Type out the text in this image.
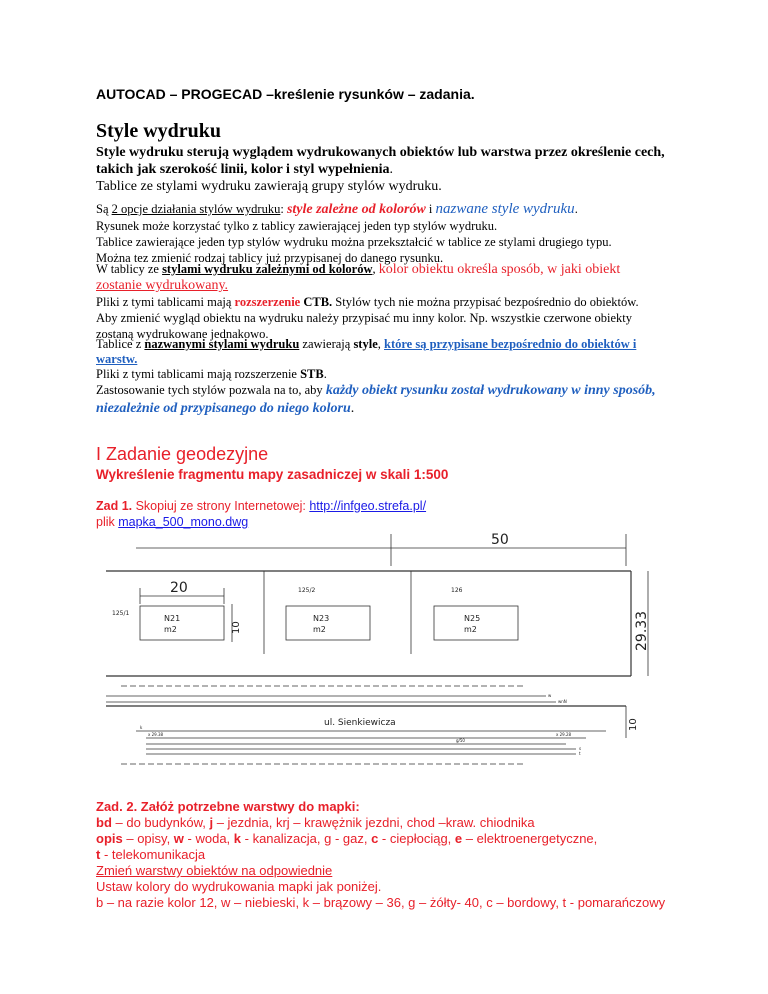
AUTOCAD – PROGECAD –kreślenie rysunków – zadania.
Style wydruku
Style wydruku sterują wyglądem wydrukowanych obiektów lub warstwa przez określenie cech,
takich jak szerokość linii, kolor i styl wypełnienia.
Tablice ze stylami wydruku zawierają grupy stylów wydruku.
Są 2 opcje działania stylów wydruku: style zależne od kolorów i nazwane style wydruku.
Rysunek może korzystać tylko z tablicy zawierającej jeden typ stylów wydruku.
Tablice zawierające jeden typ stylów wydruku można przekształcić w tablice ze stylami drugiego typu.
Można tez zmienić rodzaj tablicy już przypisanej do danego rysunku.
W tablicy ze stylami wydruku zależnymi od kolorów, kolor obiektu określa sposób, w jaki obiekt
zostanie wydrukowany.
Pliki z tymi tablicami mają rozszerzenie CTB. Stylów tych nie można przypisać bezpośrednio do obiektów.
Aby zmienić wygląd obiektu na wydruku należy przypisać mu inny kolor. Np. wszystkie czerwone obiekty
zostaną wydrukowane jednakowo.
Tablice z nazwanymi stylami wydruku zawierają style, które są przypisane bezpośrednio do obiektów i
warstw.
Pliki z tymi tablicami mają rozszerzenie STB.
Zastosowanie tych stylów pozwala na to, aby każdy obiekt rysunku został wydrukowany w inny sposób,
niezależnie od przypisanego do niego koloru.
I Zadanie geodezyjne
Wykreślenie fragmentu mapy zasadniczej w skali 1:500
Zad 1. Skopiuj ze strony Internetowej: http://infgeo.strefa.pl/
plik mapka_500_mono.dwg
50
20
10	29.33
10
125/1
125/2	126
N21
m2
N23
m2
N25
m2
ul. Sienkiewicza
w
wnN
k
x 29.38	x 29.28
g/50
s
t
Zad. 2. Załóż potrzebne warstwy do mapki:
bd – do budynków, j – jezdnia, krj – krawężnik jezdni, chod –kraw. chiodnika
opis – opisy, w - woda, k - kanalizacja, g - gaz, c - ciepłociąg, e – elektroenergetyczne,
t - telekomunikacja
Zmień warstwy obiektów na odpowiednie
Ustaw kolory do wydrukowania mapki jak poniżej.
b – na razie kolor 12, w – niebieski, k – brązowy – 36, g – żółty- 40, c – bordowy, t - pomarańczowy
